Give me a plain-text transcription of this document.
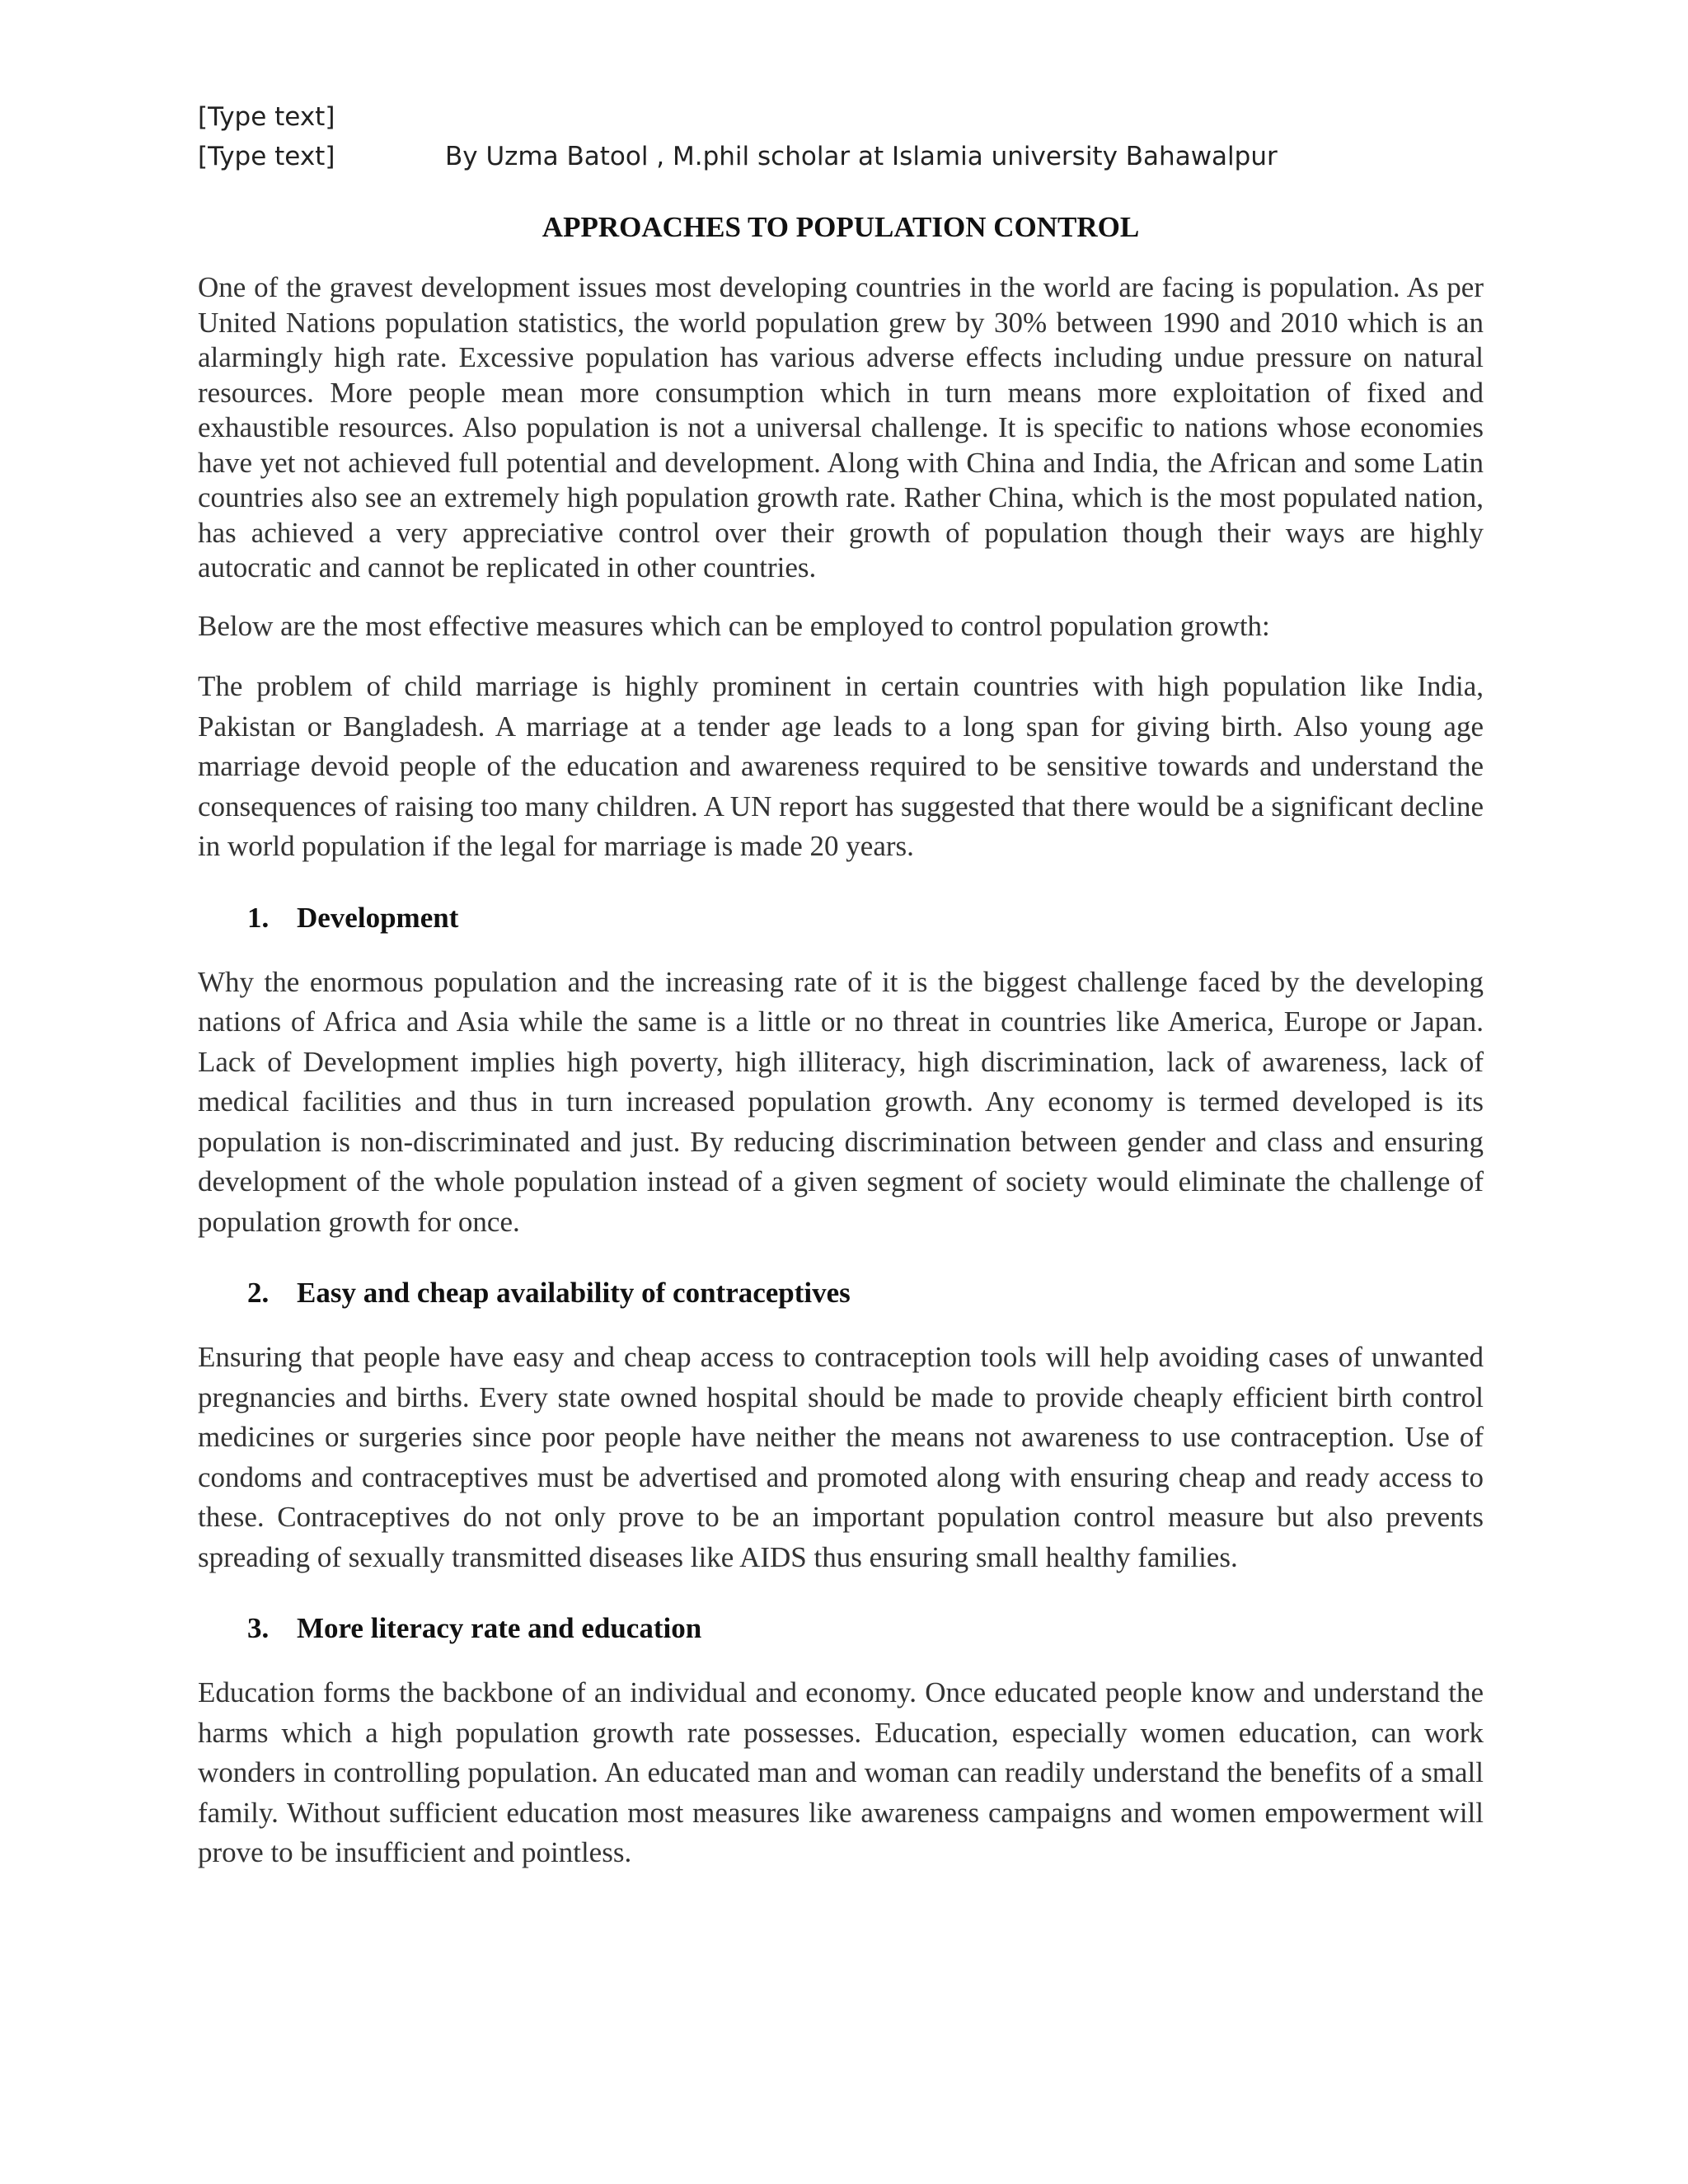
[Type text]
[Type text]	By Uzma Batool , M.phil scholar at Islamia university Bahawalpur
APPROACHES TO POPULATION CONTROL

One of the gravest development issues most developing countries in the world are facing is population. As per United Nations population statistics, the world population grew by 30% between 1990 and 2010 which is an alarmingly high rate. Excessive population has various adverse effects including undue pressure on natural resources. More people mean more consumption which in turn means more exploitation of fixed and exhaustible resources. Also population is not a universal challenge. It is specific to nations whose economies have yet not achieved full potential and development. Along with China and India, the African and some Latin countries also see an extremely high population growth rate. Rather China, which is the most populated nation, has achieved a very appreciative control over their growth of population though their ways are highly autocratic and cannot be replicated in other countries.

Below are the most effective measures which can be employed to control population growth:

The problem of child marriage is highly prominent in certain countries with high population like India, Pakistan or Bangladesh. A marriage at a tender age leads to a long span for giving birth. Also young age marriage devoid people of the education and awareness required to be sensitive towards and understand the consequences of raising too many children. A UN report has suggested that there would be a significant decline in world population if the legal for marriage is made 20 years.

1. Development

Why the enormous population and the increasing rate of it is the biggest challenge faced by the developing nations of Africa and Asia while the same is a little or no threat in countries like America, Europe or Japan. Lack of Development implies high poverty, high illiteracy, high discrimination, lack of awareness, lack of medical facilities and thus in turn increased population growth. Any economy is termed developed is its population is non-discriminated and just. By reducing discrimination between gender and class and ensuring development of the whole population instead of a given segment of society would eliminate the challenge of population growth for once.

2. Easy and cheap availability of contraceptives

Ensuring that people have easy and cheap access to contraception tools will help avoiding cases of unwanted pregnancies and births. Every state owned hospital should be made to provide cheaply efficient birth control medicines or surgeries since poor people have neither the means not awareness to use contraception. Use of condoms and contraceptives must be advertised and promoted along with ensuring cheap and ready access to these. Contraceptives do not only prove to be an important population control measure but also prevents spreading of sexually transmitted diseases like AIDS thus ensuring small healthy families.

3. More literacy rate and education

Education forms the backbone of an individual and economy. Once educated people know and understand the harms which a high population growth rate possesses. Education, especially women education, can work wonders in controlling population. An educated man and woman can readily understand the benefits of a small family. Without sufficient education most measures like awareness campaigns and women empowerment will prove to be insufficient and pointless.
